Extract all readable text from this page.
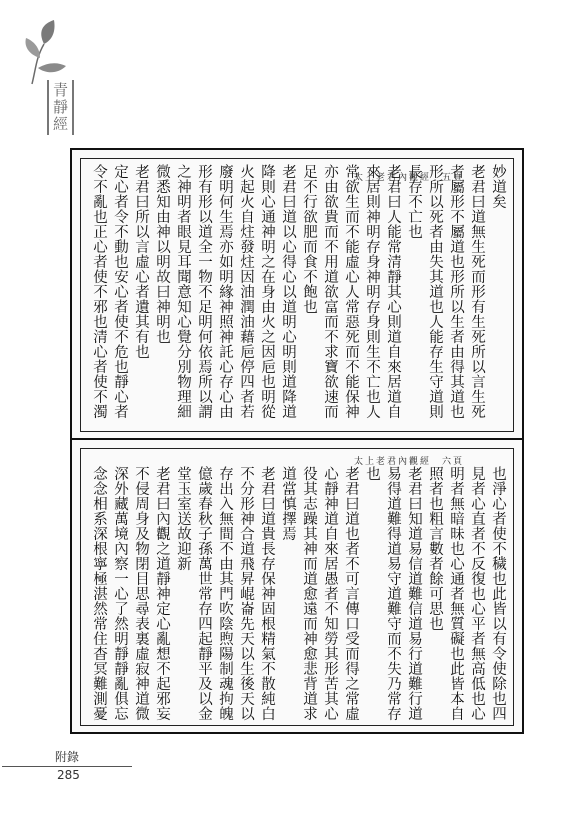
青靜經
太上老君內觀經　五頁 妙道矣
老君曰道無生死而形有生死所以言生死
者屬形不屬道也形所以生者由得其道也
形所以死者由失其道也人能存生守道則
長存不亡也
老君曰人能常清靜其心則道自來居道自
來居則神明存身神明存身則生不亡也人
常欲生而不能虛心人常惡死而不能保神
亦由欲貴而不用道欲富而不求寶欲速而
足不行欲肥而食不飽也
老君曰道以心得心以道明心明則道降道
降則心通神明之在身由火之因巵也明從
火起火自炷發炷因油潤油藉巵停四者若
廢明何生焉亦如明緣神照神託心存心由
形有形以道全一物不足明何依焉所以謂
之神明者眼見耳聞意知心覺分別物理細
微悉知由神以明故曰神明也
老君曰所以言虛心者遺其有也
定心者令不動也安心者使不危也靜心者
令不亂也正心者使不邪也清心者使不濁
太上老君內觀經　六頁
也淨心者使不穢也此皆以有令使除也四
見者心直者不反復也心平者無高低也心
明者無暗昧也心通者無質礙也此皆本自
照者也粗言數者餘可思也
老君曰知道易信道難信道易行道難行道
易得道難得道易守道難守而不失乃常存
也
老君曰道也者不可言傳口受而得之常虛
心靜神道自來居愚者不知勞其形苦其心
役其志躁其神而道愈遠而神愈悲背道求
道當慎擇焉
老君曰道貴長存保神固根精氣不散純白
不分形神合道飛昇崐崙先天以生後天以
存出入無間不由其門吹陰煦陽制魂拘魄
億歲春秋子孫萬世常存四起靜平及以金
堂玉室送故迎新
老君曰內觀之道靜神定心亂想不起邪妄
不侵周身及物閉目思尋表裏虛寂神道微
深外藏萬境內察一心了然明靜靜亂俱忘
念念相系深根寧極湛然常住杳冥難測憂
附錄
285
